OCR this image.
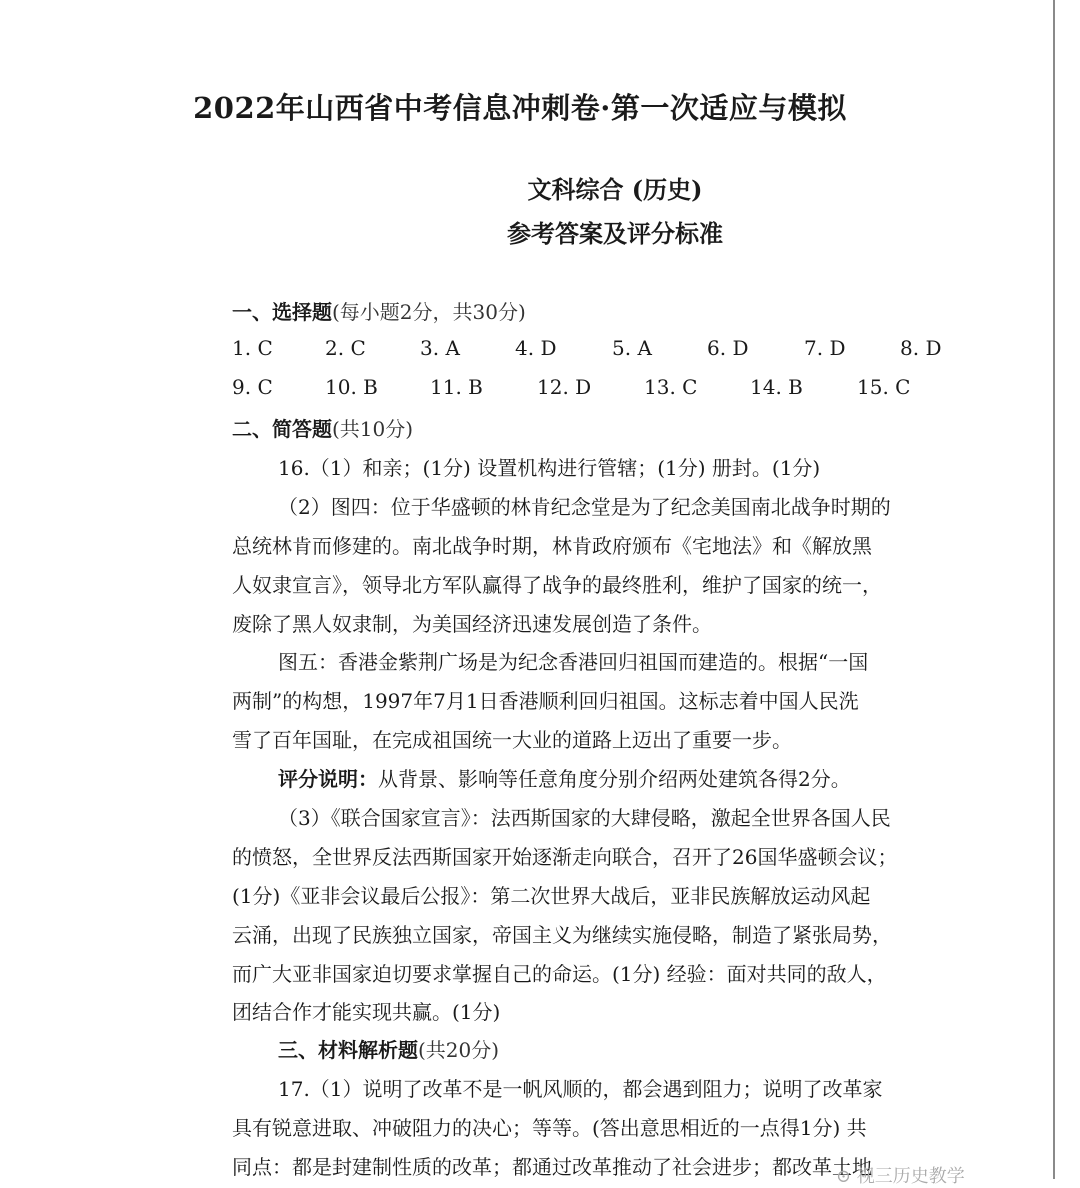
2022年山西省中考信息冲刺卷·第一次适应与模拟
文科综合 (历史)
参考答案及评分标准
一、选择题(每小题2分，共30分)
1. C	2. C	3. A	4. D	5. A	6. D	7. D	8. D
9. C	10. B	11. B	12. D	13. C	14. B	15. C
二、简答题(共10分)
16.（1）和亲；(1分) 设置机构进行管辖；(1分) 册封。(1分)
（2）图四：位于华盛顿的林肯纪念堂是为了纪念美国南北战争时期的
总统林肯而修建的。南北战争时期，林肯政府颁布《宅地法》和《解放黑
人奴隶宣言》，领导北方军队赢得了战争的最终胜利，维护了国家的统一，
废除了黑人奴隶制，为美国经济迅速发展创造了条件。
图五：香港金紫荆广场是为纪念香港回归祖国而建造的。根据“一国
两制”的构想，1997年7月1日香港顺利回归祖国。这标志着中国人民洗
雪了百年国耻，在完成祖国统一大业的道路上迈出了重要一步。
评分说明：从背景、影响等任意角度分别介绍两处建筑各得2分。
（3）《联合国家宣言》：法西斯国家的大肆侵略，激起全世界各国人民
的愤怒，全世界反法西斯国家开始逐渐走向联合，召开了26国华盛顿会议；
(1分)《亚非会议最后公报》：第二次世界大战后，亚非民族解放运动风起
云涌，出现了民族独立国家，帝国主义为继续实施侵略，制造了紧张局势，
而广大亚非国家迫切要求掌握自己的命运。(1分) 经验：面对共同的敌人，
团结合作才能实现共赢。(1分)
三、材料解析题(共20分)
17.（1）说明了改革不是一帆风顺的，都会遇到阻力；说明了改革家
具有锐意进取、冲破阻力的决心；等等。(答出意思相近的一点得1分) 共
同点：都是封建制性质的改革；都通过改革推动了社会进步；都改革土地
⊙ 视三历史教学
